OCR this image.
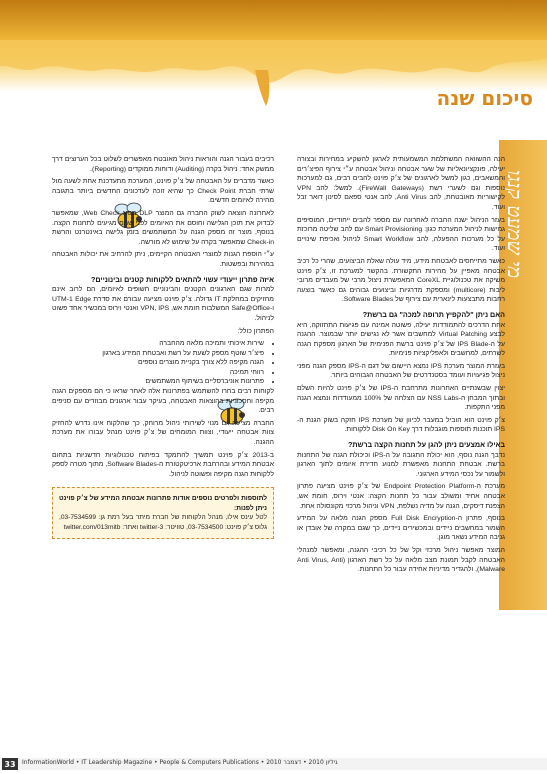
סיכום שנה
מי שמעט קנגו

הנה ההשוואה המשתלמת המשמעותית לארגון להשקיע במחירות ובצורה יעילה, פונקציונאליות של שער אבטחה וניהול אבטחה ע״י צירוף הפיצ׳רים והמשאבים, כגון למשל לארגונים של צ׳ק פוינט להבים רבים, גם למערכות נוספות וגם לשערי רשת (FireWall Gateways). למשל: להב VPN לקישוריות מאובטחת, להב Anti Virus, להב אנטי ספאם לסינון דואר זבל ועוד.

בעזר הניהול ישנה החברה לאחרונה עם מספר להבים ייחודיים, המוסיפים גמישות לניהול המערכת כגון: Smart Provisioning עם להב שליטה מרוכזת על כל מערכות ההפעלה, להב Smart Workflow לניהול ואכיפת שינויים ועוד.

כאשר מתייחסים לאבטחת מידע, מיד עולה שאלת הביצועים, שהרי כל רכיב אבטחה מאפיין על מהירות התקשורת. בהקשר למערכת זו, צ׳ק פוינט משיקה את טכנולוגיית CoreXL המאפשרת ניצול מרבי של מעבדים מרובי ליבות (multicore) ומספקת מדרגיות וביצועים גבוהים גם כאשר בוצעה רחבות מתבצעות לינארית עם צירוף של Software Blades.

האם ניתן "להקפיץ תרופה למכה" גם ברשת?

אחת הדרכים להתמודדות יעילה, פשוטה אמינה עם פגיעות התחזוקה, היא לבצע Virtual Patching למחשבים אשר לא נגישים יותר שבמוצר. ההגנה על ה-IPS Blade של צ׳ק פוינט ברשת הפנימית של הארגון מספקת הגנה לשרתים, למחשבים ולאפליקציות פנימיות.

בעזרת המוצר מערכת IPS נמצא היישום של דגם ה-IPS מספק הגנה מפני ניצול פגיעויות ועומד בסטנדרטים של האבטחה הגבוהים ביותר.

יצוין שבשנתיים האחרונות מתרחבת ה-IPS של צ׳ק פוינט להיות השלם ובתוך המבחן ה-NSS Labs עם הצלחה של 100% ממעודדות ונמצא הגנה מפני התקפות.

צ׳ק פוינט הוא הוביל במעבר לכיוון של מערכת IPS חזקה בשוק הגנת ה-IPS תוכנות תוספות מוגבלות דרך Disk On Key ללקוחות.

באילו אמצעים ניתן להגן על תחנות הקצה ברשת?

נדבך הגנה נוסף, הוא יכולת התגובה על ה-IPS וכיכולת הגנה של התחנות ברשת. אבטחת התחנות מאפשרת למנוע חדירת איומים לתוך הארגון ולשמור על נכסי המידע הארגוני.

מערכת ה-Endpoint Protection Platform של צ׳ק פוינט מציעה פתרון אבטחה אחיד ומשולב עבור כל תחנות הקצה: אנטי וירוס, חומת אש, הצפנת דיסקים, הגנה על מדיה נשלפת, VPN וניהול מרכזי מקונסולה אחת.

בנוסף, פתרון ה-Full Disk Encryption מספק הגנה מלאה על המידע השמור במחשבים ניידים ובמכשירים ניידים, כך שגם במקרה של אובדן או גניבה המידע נשאר מוגן.

המוצר מאפשר ניהול מרכזי וקל של כל רכיבי ההגנה, ומאפשר למנהלי האבטחה לקבל תמונת מצב מלאה על כל רשת הארגון (Anti Virus, Anti Malware), ולהגדיר מדיניות אחידה עבור כל התחנות.

רכיבים בעבור הגנה והוראות ניהול מאובטח מאפשרים לשלוט בכל הערוצים דרך ממשק אחד: ניהול בקרה (Auditing) ודוחות ממוקדים (Reporting).

כאשר מדברים על האבטחה של צ׳ק פוינט, המערכת מתעדכנת אחת לשעה מול שרתי חברת Check Point כך שהיא זוכה לעדכונים החדשים ביותר בתגובה מהירה לאיומים חדשים.

לאחרונה הוצאה לשוק החברה גם המוצר DLP מסוג Web Check, שמאפשר לבדוק את תוכן הגלישה וחוסם את האיומים לפני שהם מגיעים לתחנות הקצה. בנוסף, מוצר זה מספק הגנה על המשתמשים בזמן גלישה באינטרנט והרשת Check-in שמאפשר בקרה על שימוש לא מורשה.

ע״י הוספת הגנות למוצרי האבטחה הקיימים, ניתן להרחיב את יכולות האבטחה במהירות ובפשטות.

איזה פתרון ייעודי עשוי להתאים ללקוחות קטנים ובינוניים?

למרות שגם הארגונים הקטנים והבינוניים חשופים לאיומים, הם לרוב אינם מחזיקים במחלקת IT גדולה. צ׳ק פוינט מציעה עבורם את סדרת UTM-1 Edge ו-Safe@Office המשלבות חומת אש, VPN, IPS ואנטי וירוס במכשיר אחד פשוט לניהול.

הפתרון כולל:

• שירות איכותי ותמיכה מלאה מהחברה
• פיצ׳ר שוטף מספק לשעת על רשת ואבטחת המידע בארגון
• הגנה מקיפה ללא צורך בקניית מוצרים נוספים
• רווחי תמיכה
• פתרונות אוניברסליים בשיתוף המשתמשים

לקוחות רבים בחרו להשתמש בפתרונות אלה לאחר שראו כי הם מספקים הגנה מקיפה וחסכוניות בהוצאות האבטחה, בעיקר עבור ארגונים מבוזרים עם סניפים רבים.

החברה מציעה גם מנוי לשירותי ניהול מרוחק, כך שהלקוח אינו נדרש להחזיק צוות אבטחה ייעודי, וצוות המומחים של צ׳ק פוינט מנהל עבורו את מערכת ההגנה.

ב-2013 צ׳ק פוינט תמשיך להתמקד בפיתוח טכנולוגיות חדשניות בתחום אבטחת המידע ובהרחבת ארכיטקטורת ה-Software Blades, מתוך מטרה לספק ללקוחות הגנה מקיפה ופשוטה לניהול.

לתוספות ולפרטים נוספים אודות פתרונות אבטחת המידע של צ׳ק פוינט ניתן לפנות:

לטל עינס אילו, מנהל הלקוחות של חברת מיתר בעל רמת גן: 03-7534599, גלוס צ׳ק פוינט: 03-7534500, טוויטר: twitter-3 ואתר: twitter.com/013mitb

33	InformationWorld • IT Leadership Magazine • People & Computers Publications • גיליון 2010 • דצמבר 2010
